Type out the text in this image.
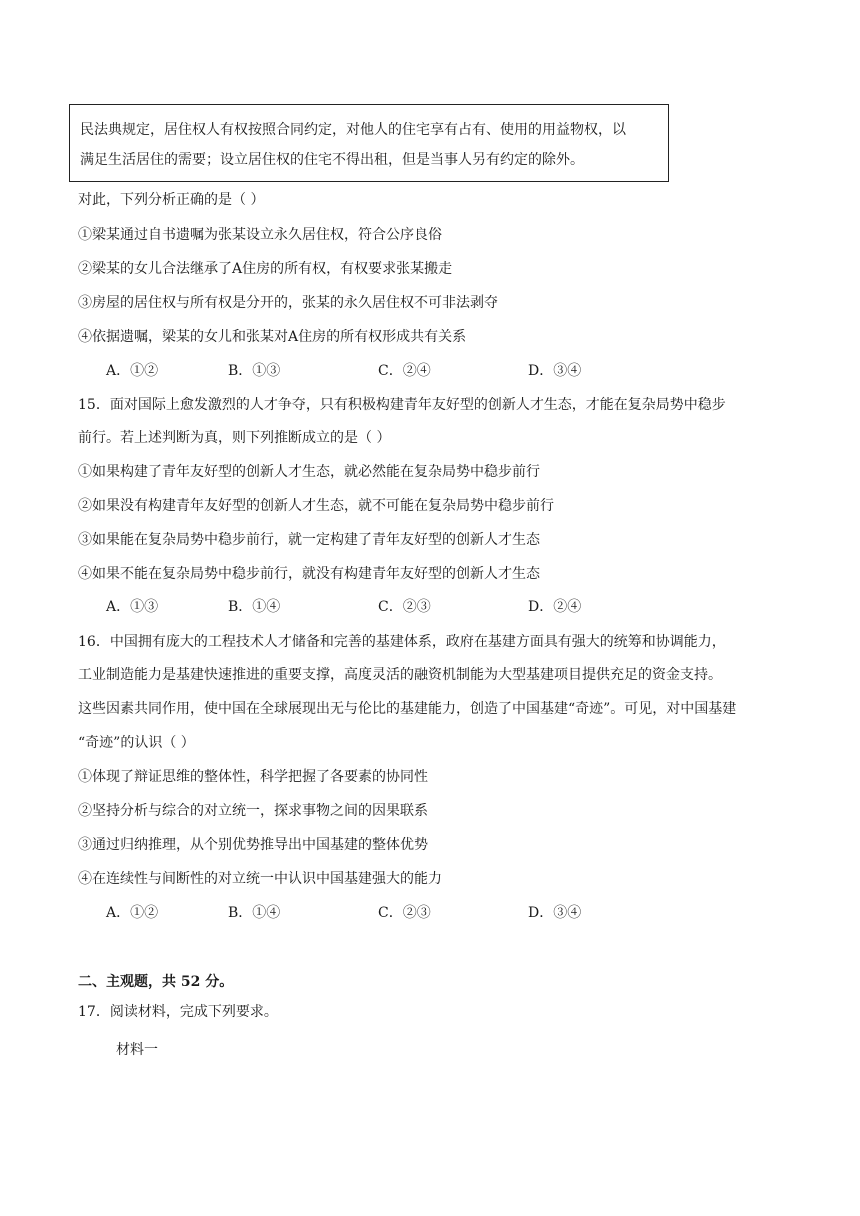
民法典规定，居住权人有权按照合同约定，对他人的住宅享有占有、使用的用益物权，以
满足生活居住的需要；设立居住权的住宅不得出租，但是当事人另有约定的除外。
对此，下列分析正确的是（ ）
①梁某通过自书遗嘱为张某设立永久居住权，符合公序良俗
②梁某的女儿合法继承了A住房的所有权，有权要求张某搬走
③房屋的居住权与所有权是分开的，张某的永久居住权不可非法剥夺
④依据遗嘱，梁某的女儿和张某对A住房的所有权形成共有关系
A．①②	B．①③	C．②④	D．③④
15．面对国际上愈发激烈的人才争夺，只有积极构建青年友好型的创新人才生态，才能在复杂局势中稳步
前行。若上述判断为真，则下列推断成立的是（ ）
①如果构建了青年友好型的创新人才生态，就必然能在复杂局势中稳步前行
②如果没有构建青年友好型的创新人才生态，就不可能在复杂局势中稳步前行
③如果能在复杂局势中稳步前行，就一定构建了青年友好型的创新人才生态
④如果不能在复杂局势中稳步前行，就没有构建青年友好型的创新人才生态
A．①③	B．①④	C．②③	D．②④
16．中国拥有庞大的工程技术人才储备和完善的基建体系，政府在基建方面具有强大的统筹和协调能力，
工业制造能力是基建快速推进的重要支撑，高度灵活的融资机制能为大型基建项目提供充足的资金支持。
这些因素共同作用，使中国在全球展现出无与伦比的基建能力，创造了中国基建“奇迹”。可见，对中国基建
“奇迹”的认识（ ）
①体现了辩证思维的整体性，科学把握了各要素的协同性
②坚持分析与综合的对立统一，探求事物之间的因果联系
③通过归纳推理，从个别优势推导出中国基建的整体优势
④在连续性与间断性的对立统一中认识中国基建强大的能力
A．①②	B．①④	C．②③	D．③④
二、主观题，共 52 分。
17．阅读材料，完成下列要求。
材料一
